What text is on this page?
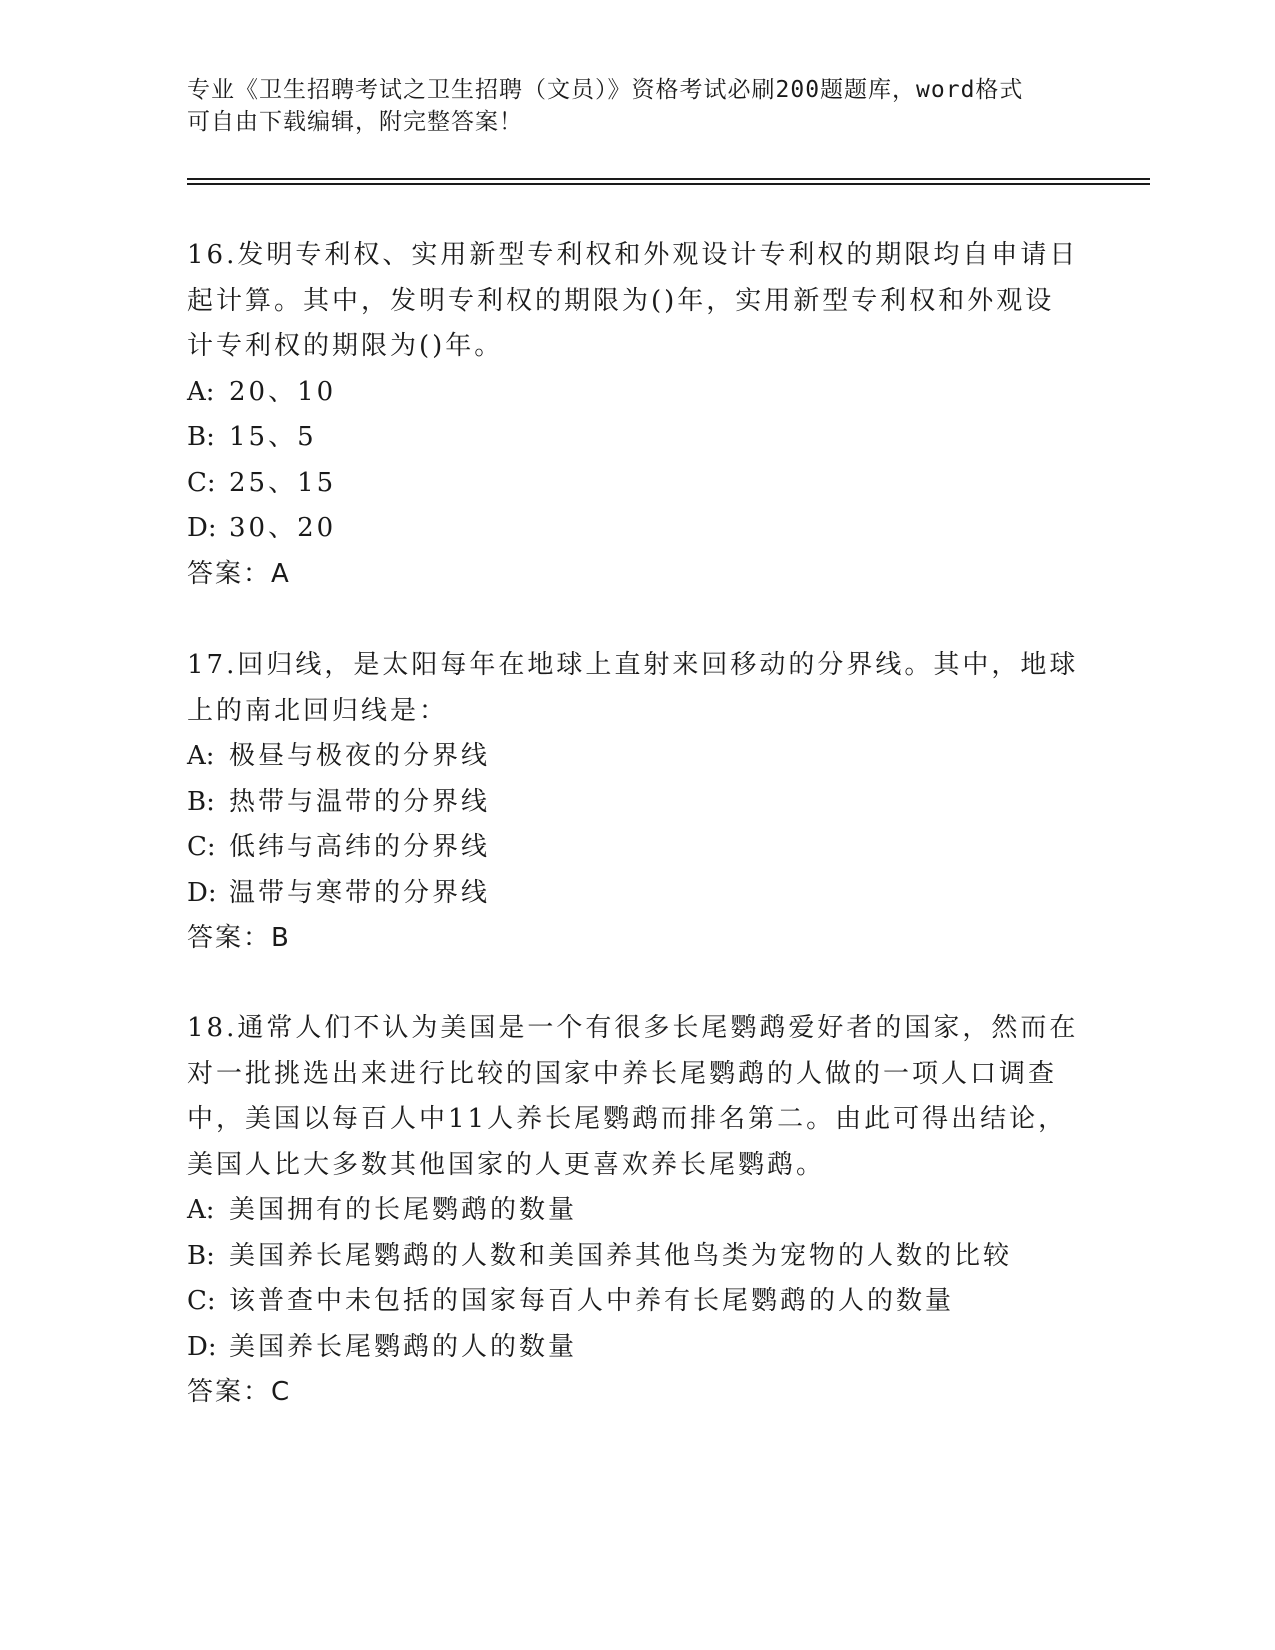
专业《卫生招聘考试之卫生招聘（文员）》资格考试必刷200题题库，word格式
可自由下载编辑，附完整答案！
16.发明专利权、实用新型专利权和外观设计专利权的期限均自申请日
起计算。其中，发明专利权的期限为()年，实用新型专利权和外观设
计专利权的期限为()年。
A: 20、10
B: 15、5
C: 25、15
D: 30、20
答案：A
17.回归线，是太阳每年在地球上直射来回移动的分界线。其中，地球
上的南北回归线是：
A: 极昼与极夜的分界线
B: 热带与温带的分界线
C: 低纬与高纬的分界线
D: 温带与寒带的分界线
答案：B
18.通常人们不认为美国是一个有很多长尾鹦鹉爱好者的国家，然而在
对一批挑选出来进行比较的国家中养长尾鹦鹉的人做的一项人口调查
中，美国以每百人中11人养长尾鹦鹉而排名第二。由此可得出结论，
美国人比大多数其他国家的人更喜欢养长尾鹦鹉。
A: 美国拥有的长尾鹦鹉的数量
B: 美国养长尾鹦鹉的人数和美国养其他鸟类为宠物的人数的比较
C: 该普查中未包括的国家每百人中养有长尾鹦鹉的人的数量
D: 美国养长尾鹦鹉的人的数量
答案：C
